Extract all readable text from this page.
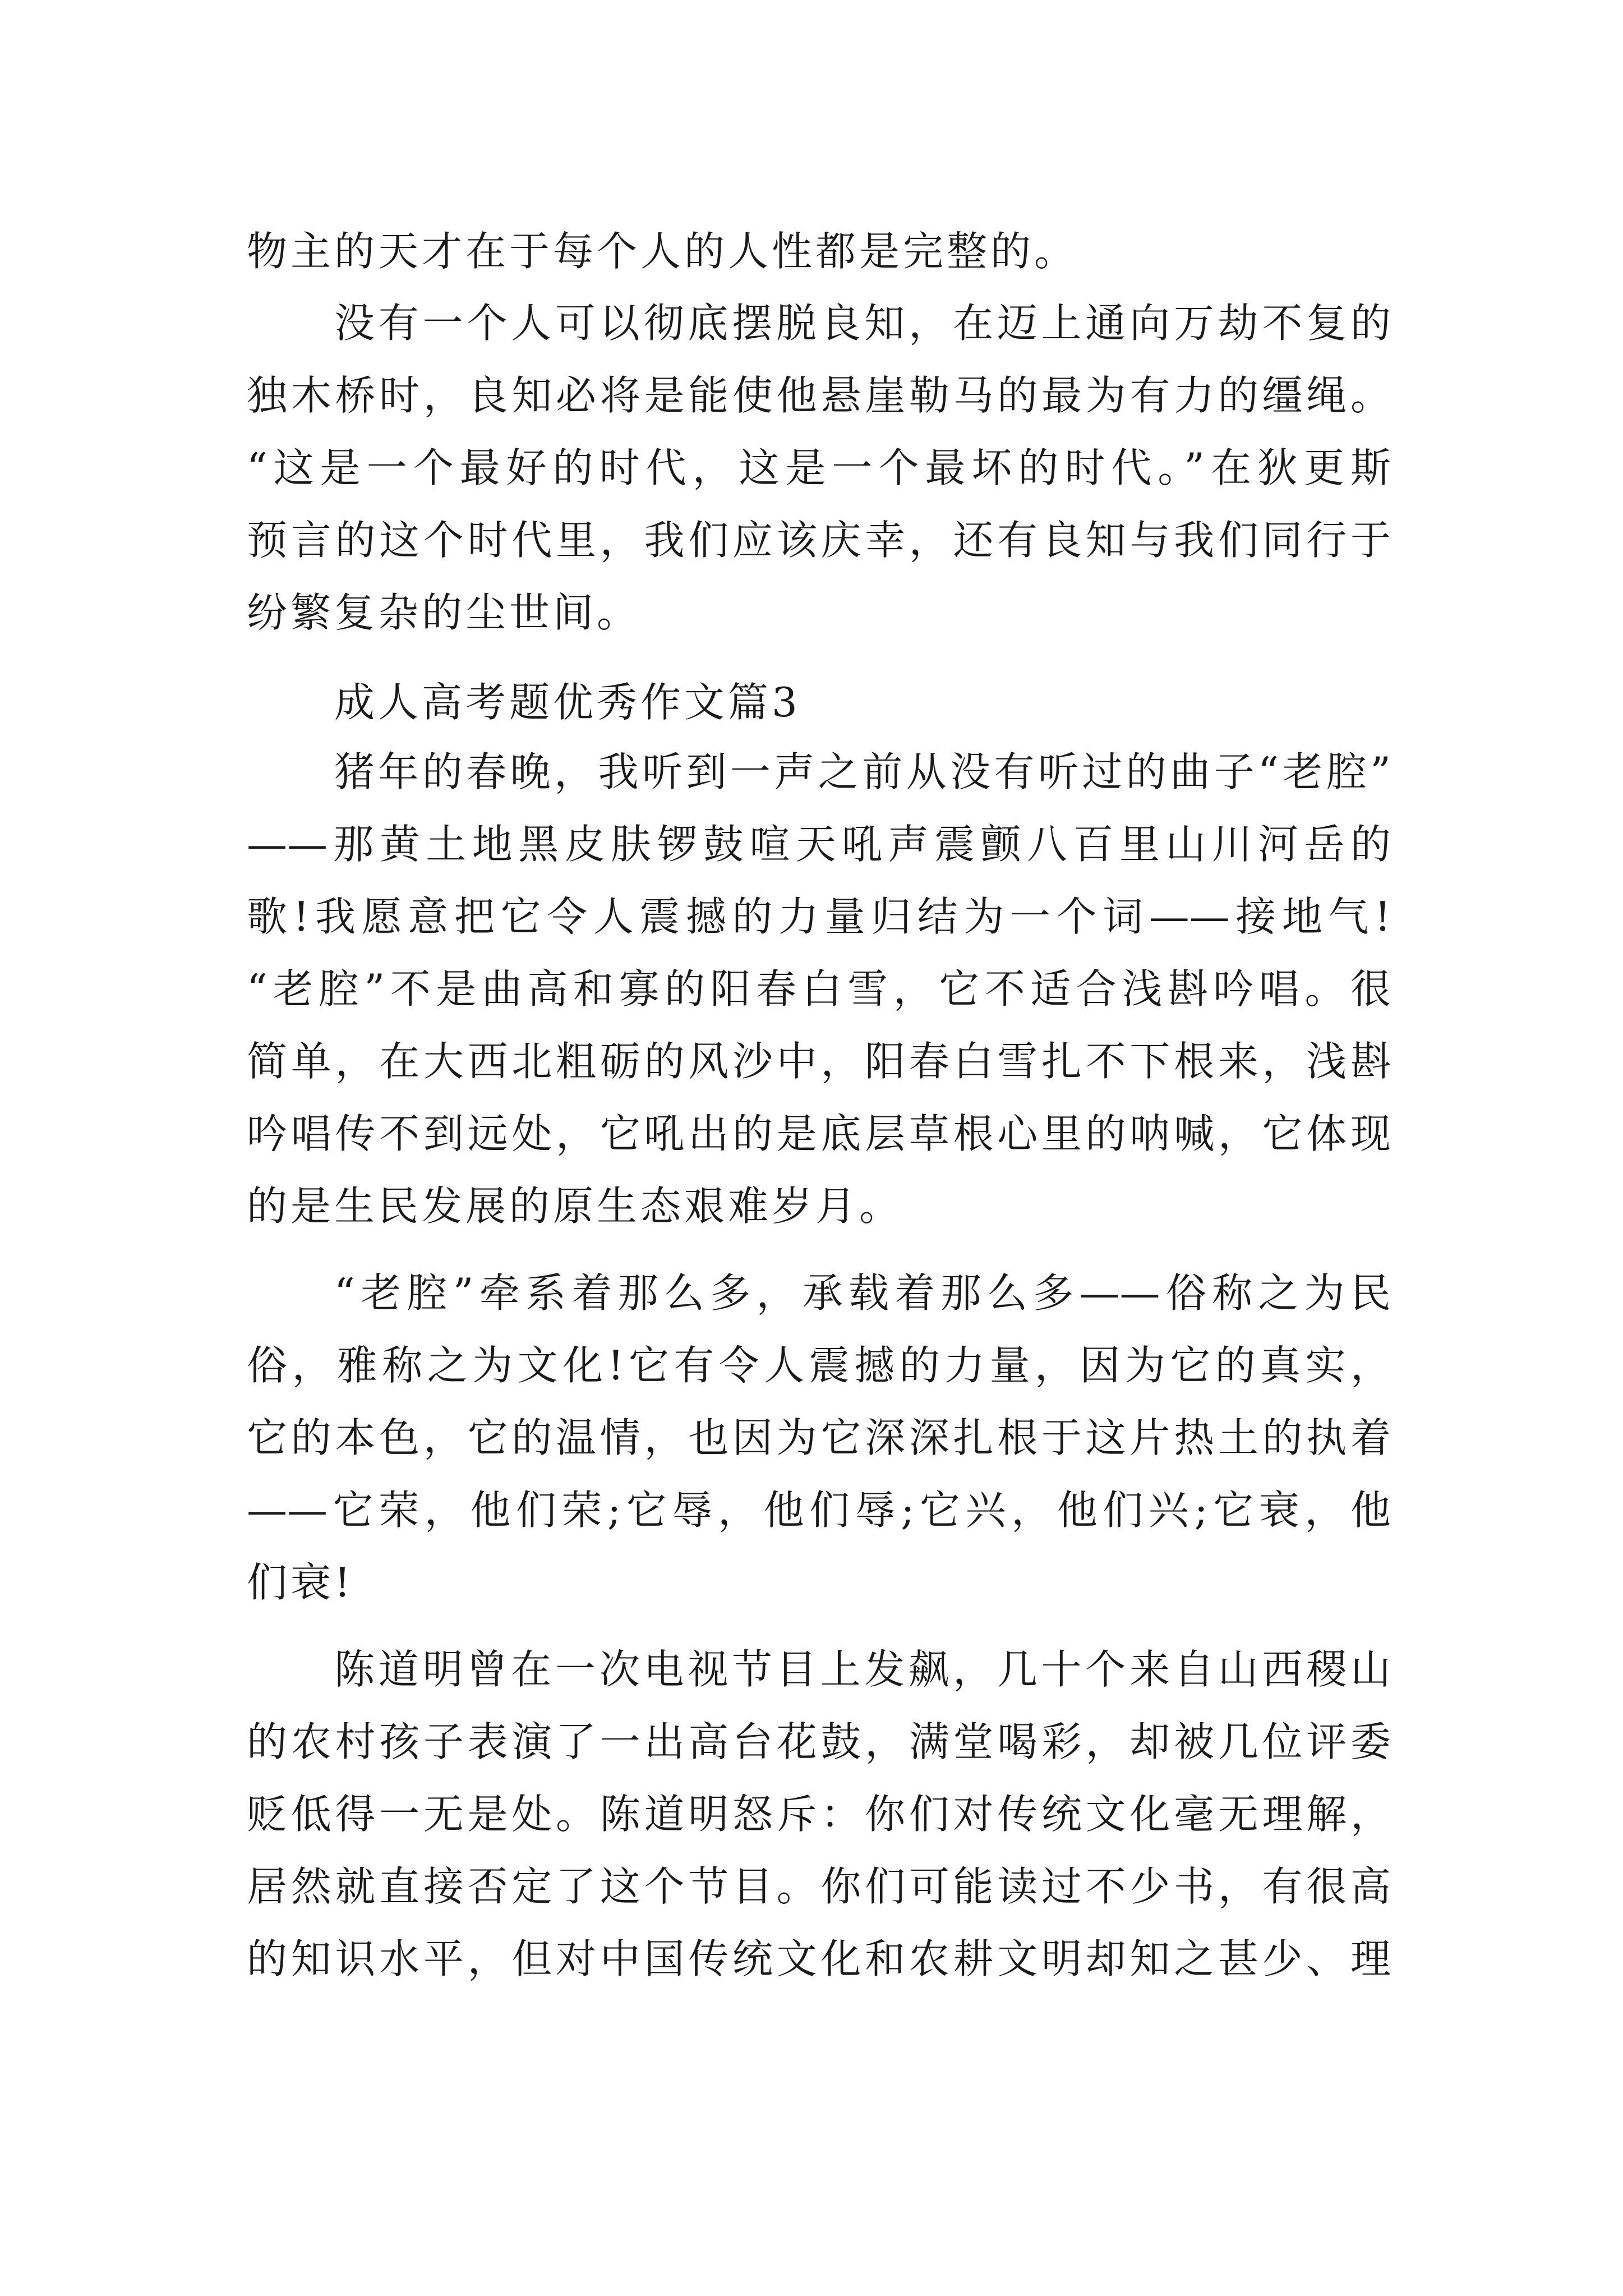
物主的天才在于每个人的人性都是完整的。
没有一个人可以彻底摆脱良知，在迈上通向万劫不复的
独木桥时，良知必将是能使他悬崖勒马的最为有力的缰绳。
“这是一个最好的时代，这是一个最坏的时代。”在狄更斯
预言的这个时代里，我们应该庆幸，还有良知与我们同行于
纷繁复杂的尘世间。
成人高考题优秀作文篇3
猪年的春晚，我听到一声之前从没有听过的曲子“老腔”
——那黄土地黑皮肤锣鼓喧天吼声震颤八百里山川河岳的
歌!我愿意把它令人震撼的力量归结为一个词——接地气!
“老腔”不是曲高和寡的阳春白雪，它不适合浅斟吟唱。很
简单，在大西北粗砺的风沙中，阳春白雪扎不下根来，浅斟
吟唱传不到远处，它吼出的是底层草根心里的呐喊，它体现
的是生民发展的原生态艰难岁月。
“老腔”牵系着那么多，承载着那么多——俗称之为民
俗，雅称之为文化!它有令人震撼的力量，因为它的真实，
它的本色，它的温情，也因为它深深扎根于这片热土的执着
——它荣，他们荣;它辱，他们辱;它兴，他们兴;它衰，他
们衰!
陈道明曾在一次电视节目上发飙，几十个来自山西稷山
的农村孩子表演了一出高台花鼓，满堂喝彩，却被几位评委
贬低得一无是处。陈道明怒斥：你们对传统文化毫无理解，
居然就直接否定了这个节目。你们可能读过不少书，有很高
的知识水平，但对中国传统文化和农耕文明却知之甚少、理
